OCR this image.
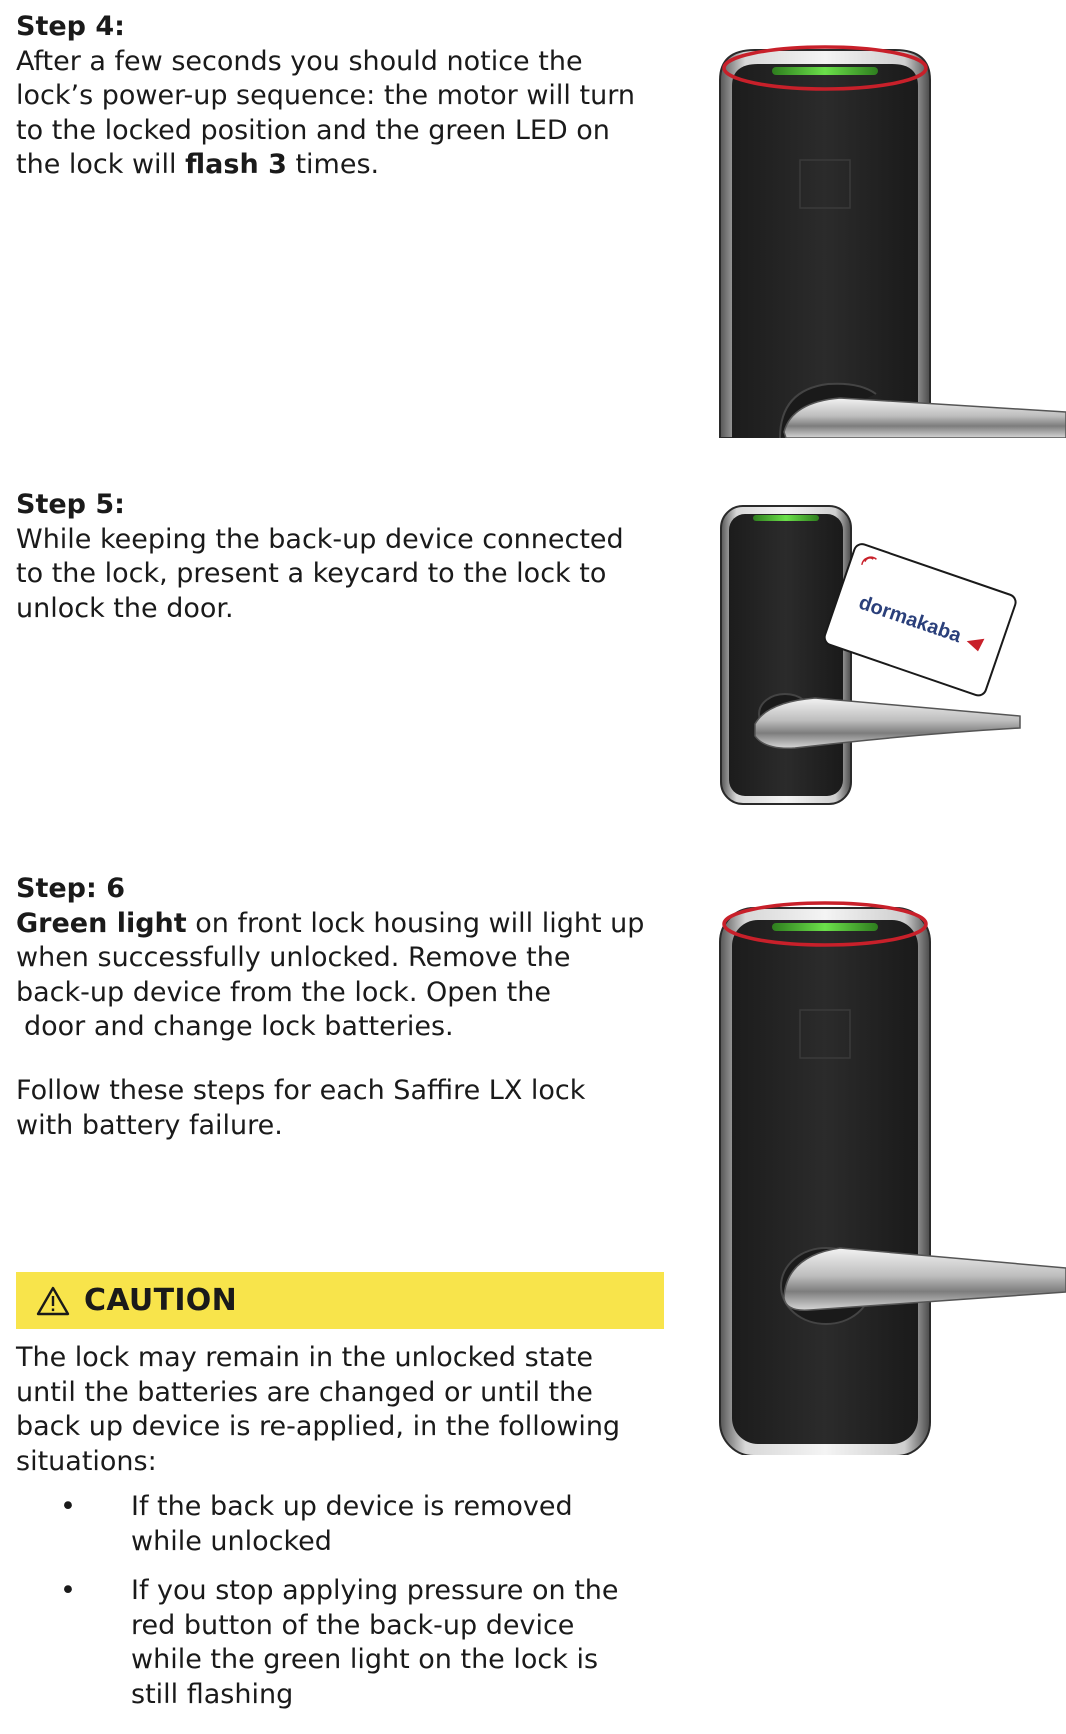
Step 4:

After a few seconds you should notice the

lock’s power-up sequence: the motor will turn

to the locked position and the green LED on

the lock will flash 3 times.

Step 5:

While keeping the back-up device connected

to the lock, present a keycard to the lock to

unlock the door.

Step: 6

Green light on front lock housing will light up

when successfully unlocked. Remove the

back-up device from the lock. Open the

door and change lock batteries.

Follow these steps for each Saffire LX lock

with battery failure.

CAUTION

The lock may remain in the unlocked state

until the batteries are changed or until the

back up device is re-applied, in the following

situations:

• If the back up device is removed

while unlocked

• If you stop applying pressure on the

red button of the back-up device

while the green light on the lock is

still flashing

dormakaba
